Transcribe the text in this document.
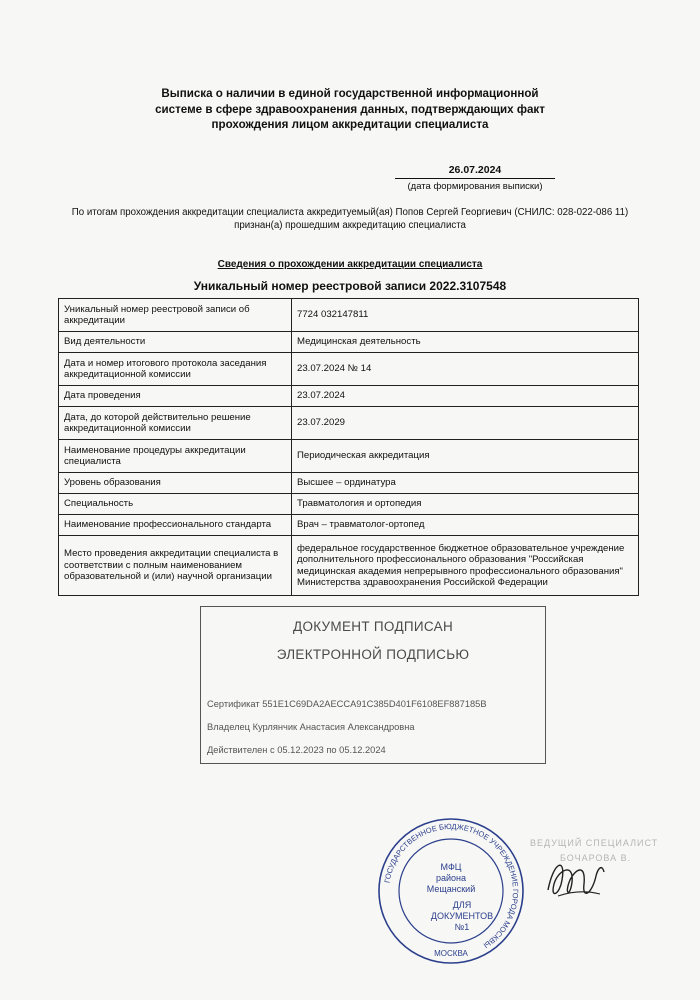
Выписка о наличии в единой государственной информационной
системе в сфере здравоохранения данных, подтверждающих факт
прохождения лицом аккредитации специалиста
26.07.2024
(дата формирования выписки)
По итогам прохождения аккредитации специалиста аккредитуемый(ая) Попов Сергей Георгиевич (СНИЛС: 028-022-086 11)
признан(а) прошедшим аккредитацию специалиста
Сведения о прохождении аккредитации специалиста
Уникальный номер реестровой записи 2022.3107548
Уникальный номер реестровой записи об аккредитации	7724 032147811
Вид деятельности	Медицинская деятельность
Дата и номер итогового протокола заседания аккредитационной комиссии	23.07.2024 № 14
Дата проведения	23.07.2024
Дата, до которой действительно решение аккредитационной комиссии	23.07.2029
Наименование процедуры аккредитации специалиста	Периодическая аккредитация
Уровень образования	Высшее – ординатура
Специальность	Травматология и ортопедия
Наименование профессионального стандарта	Врач – травматолог-ортопед
Место проведения аккредитации специалиста в соответствии с полным наименованием образовательной и (или) научной организации	федеральное государственное бюджетное образовательное учреждение дополнительного профессионального образования "Российская медицинская академия непрерывного профессионального образования" Министерства здравоохранения Российской Федерации
ДОКУМЕНТ ПОДПИСАН
ЭЛЕКТРОННОЙ ПОДПИСЬЮ
Сертификат 551E1C69DA2AECCA91C385D401F6108EF887185B
Владелец Курлянчик Анастасия Александровна
Действителен с 05.12.2023 по 05.12.2024
ВЕДУЩИЙ СПЕЦИАЛИСТ
БОЧАРОВА В.
ГОСУДАРСТВЕННОЕ БЮДЖЕТНОЕ УЧРЕЖДЕНИЕ ГОРОДА МОСКВЫ
МФЦ
района
Мещанский
ДЛЯ
ДОКУМЕНТОВ
№1
МОСКВА
